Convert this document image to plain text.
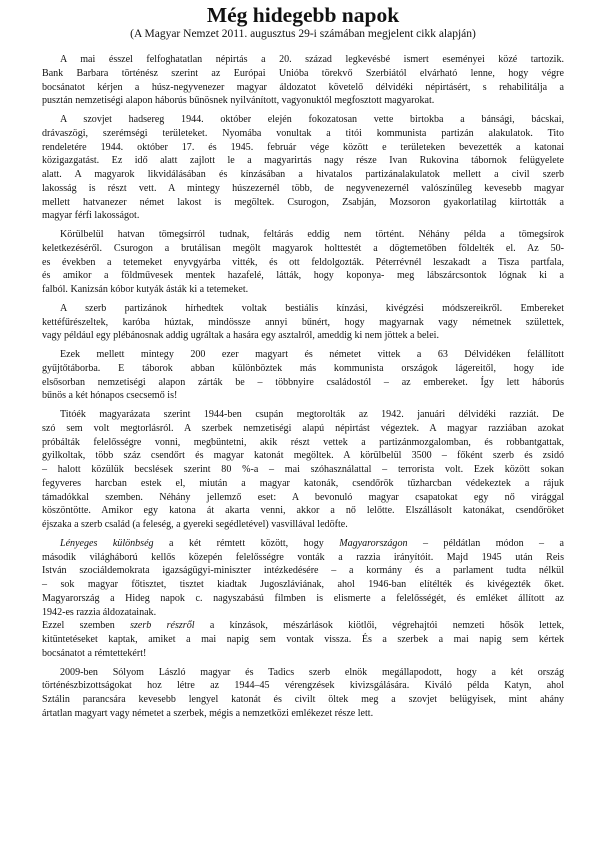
Még hidegebb napok

(A Magyar Nemzet 2011. augusztus 29-i számában megjelent cikk alapján)

A mai ésszel felfoghatatlan népirtás a 20. század legkevésbé ismert eseményei közé tartozik.
Bank Barbara történész szerint az Európai Unióba törekvő Szerbiától elvárható lenne, hogy végre
bocsánatot kérjen a húsz-negyvenezer magyar áldozatot követelő délvidéki népirtásért, s rehabilitálja a
pusztán nemzetiségi alapon háborús bűnösnek nyilvánított, vagyonuktól megfosztott magyarokat.
A szovjet hadsereg 1944. október elején fokozatosan vette birtokba a bánsági, bácskai,
drávaszögi, szerémségi területeket. Nyomába vonultak a titói kommunista partizán alakulatok. Tito
rendeletére 1944. október 17. és 1945. február vége között e területeken bevezették a katonai
közigazgatást. Ez idő alatt zajlott le a magyarirtás nagy része Ivan Rukovina tábornok felügyelete
alatt. A magyarok likvidálásában és kínzásában a hivatalos partizánalakulatok mellett a civil szerb
lakosság is részt vett. A mintegy húszezernél több, de negyvenezernél valószínűleg kevesebb magyar
mellett hatvanezer német lakost is megöltek. Csurogon, Zsabján, Mozsoron gyakorlatilag kiirtották a
magyar férfi lakosságot.
Körülbelül hatvan tömegsírról tudnak, feltárás eddig nem történt. Néhány példa a tömegsírok
keletkezéséről. Csurogon a brutálisan megölt magyarok holttestét a dögtemetőben földelték el. Az 50-
es években a tetemeket enyvgyárba vitték, és ott feldolgozták. Péterrévnél leszakadt a Tisza partfala,
és amikor a földművesek mentek hazafelé, látták, hogy koponya- meg lábszárcsontok lógnak ki a
falból. Kanizsán kóbor kutyák ásták ki a tetemeket.
A szerb partizánok hírhedtek voltak bestiális kínzási, kivégzési módszereikről. Embereket
kettéfűrészeltek, karóba húztak, mindössze annyi bűnért, hogy magyarnak vagy németnek születtek,
vagy például egy plébánosnak addig ugráltak a hasára egy asztalról, ameddig ki nem jöttek a belei.
Ezek mellett mintegy 200 ezer magyart és németet vittek a 63 Délvidéken felállított
gyűjtőtáborba. E táborok abban különböztek más kommunista országok lágereitől, hogy ide
elsősorban nemzetiségi alapon zárták be – többnyire családostól – az embereket. Így lett háborús
bűnös a két hónapos csecsemő is!
Titóék magyarázata szerint 1944-ben csupán megtorolták az 1942. januári délvidéki razziát. De
szó sem volt megtorlásról. A szerbek nemzetiségi alapú népirtást végeztek. A magyar razziában azokat
próbálták felelősségre vonni, megbüntetni, akik részt vettek a partizánmozgalomban, és robbantgattak,
gyilkoltak, több száz csendőrt és magyar katonát megöltek. A körülbelül 3500 – főként szerb és zsidó
– halott közülük becslések szerint 80 %-a – mai szóhasználattal – terrorista volt. Ezek között sokan
fegyveres harcban estek el, miután a magyar katonák, csendőrök tűzharcban védekeztek a rájuk
támadókkal szemben. Néhány jellemző eset: A bevonuló magyar csapatokat egy nő virággal
köszöntötte. Amikor egy katona át akarta venni, akkor a nő lelőtte. Elszállásolt katonákat, csendőröket
éjszaka a szerb család (a feleség, a gyereki segédletével) vasvillával ledöfte.
Lényeges különbség a két rémtett között, hogy Magyarországon – példátlan módon – a
második világháború kellős közepén felelősségre vonták a razzia irányítóit. Majd 1945 után Reis
István szociáldemokrata igazságügyi-miniszter intézkedésére – a kormány és a parlament tudta nélkül
– sok magyar főtisztet, tisztet kiadtak Jugoszláviának, ahol 1946-ban elítélték és kivégezték őket.
Magyarország a Hideg napok c. nagyszabású filmben is elismerte a felelősségét, és emléket állított az
1942-es razzia áldozatainak.
Ezzel szemben szerb részről a kínzások, mészárlások kiötlői, végrehajtói nemzeti hősök lettek,
kitüntetéseket kaptak, amiket a mai napig sem vontak vissza. És a szerbek a mai napig sem kértek
bocsánatot a rémtettekért!
2009-ben Sólyom László magyar és Tadics szerb elnök megállapodott, hogy a két ország
történészbizottságokat hoz létre az 1944–45 vérengzések kivizsgálására. Kiváló példa Katyn, ahol
Sztálin parancsára kevesebb lengyel katonát és civilt öltek meg a szovjet belügyisek, mint ahány
ártatlan magyart vagy németet a szerbek, mégis a nemzetközi emlékezet része lett.
